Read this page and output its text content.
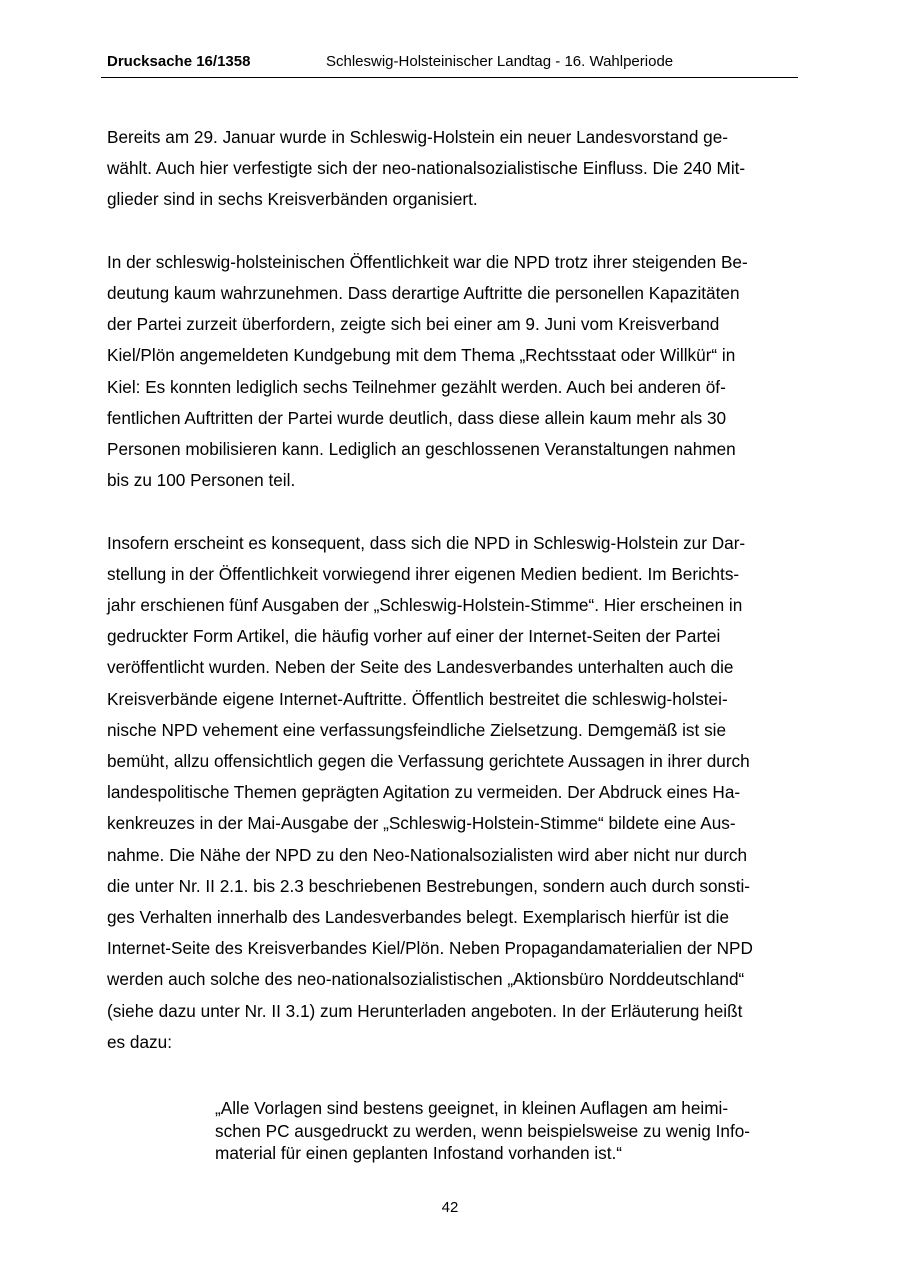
Drucksache 16/1358	Schleswig-Holsteinischer Landtag - 16. Wahlperiode

Bereits am 29. Januar wurde in Schleswig-Holstein ein neuer Landesvorstand ge-
wählt. Auch hier verfestigte sich der neo-nationalsozialistische Einfluss. Die 240 Mit-
glieder sind in sechs Kreisverbänden organisiert.

In der schleswig-holsteinischen Öffentlichkeit war die NPD trotz ihrer steigenden Be-
deutung kaum wahrzunehmen. Dass derartige Auftritte die personellen Kapazitäten
der Partei zurzeit überfordern, zeigte sich bei einer am 9. Juni vom Kreisverband
Kiel/Plön angemeldeten Kundgebung mit dem Thema „Rechtsstaat oder Willkür“ in
Kiel: Es konnten lediglich sechs Teilnehmer gezählt werden. Auch bei anderen öf-
fentlichen Auftritten der Partei wurde deutlich, dass diese allein kaum mehr als 30
Personen mobilisieren kann. Lediglich an geschlossenen Veranstaltungen nahmen
bis zu 100 Personen teil.

Insofern erscheint es konsequent, dass sich die NPD in Schleswig-Holstein zur Dar-
stellung in der Öffentlichkeit vorwiegend ihrer eigenen Medien bedient. Im Berichts-
jahr erschienen fünf Ausgaben der „Schleswig-Holstein-Stimme“. Hier erscheinen in
gedruckter Form Artikel, die häufig vorher auf einer der Internet-Seiten der Partei
veröffentlicht wurden. Neben der Seite des Landesverbandes unterhalten auch die
Kreisverbände eigene Internet-Auftritte. Öffentlich bestreitet die schleswig-holstei-
nische NPD vehement eine verfassungsfeindliche Zielsetzung. Demgemäß ist sie
bemüht, allzu offensichtlich gegen die Verfassung gerichtete Aussagen in ihrer durch
landespolitische Themen geprägten Agitation zu vermeiden. Der Abdruck eines Ha-
kenkreuzes in der Mai-Ausgabe der „Schleswig-Holstein-Stimme“ bildete eine Aus-
nahme. Die Nähe der NPD zu den Neo-Nationalsozialisten wird aber nicht nur durch
die unter Nr. II 2.1. bis 2.3 beschriebenen Bestrebungen, sondern auch durch sonsti-
ges Verhalten innerhalb des Landesverbandes belegt. Exemplarisch hierfür ist die
Internet-Seite des Kreisverbandes Kiel/Plön. Neben Propagandamaterialien der NPD
werden auch solche des neo-nationalsozialistischen „Aktionsbüro Norddeutschland“
(siehe dazu unter Nr. II 3.1) zum Herunterladen angeboten. In der Erläuterung heißt
es dazu:

„Alle Vorlagen sind bestens geeignet, in kleinen Auflagen am heimi-
schen PC ausgedruckt zu werden, wenn beispielsweise zu wenig Info-
material für einen geplanten Infostand vorhanden ist.“
42
